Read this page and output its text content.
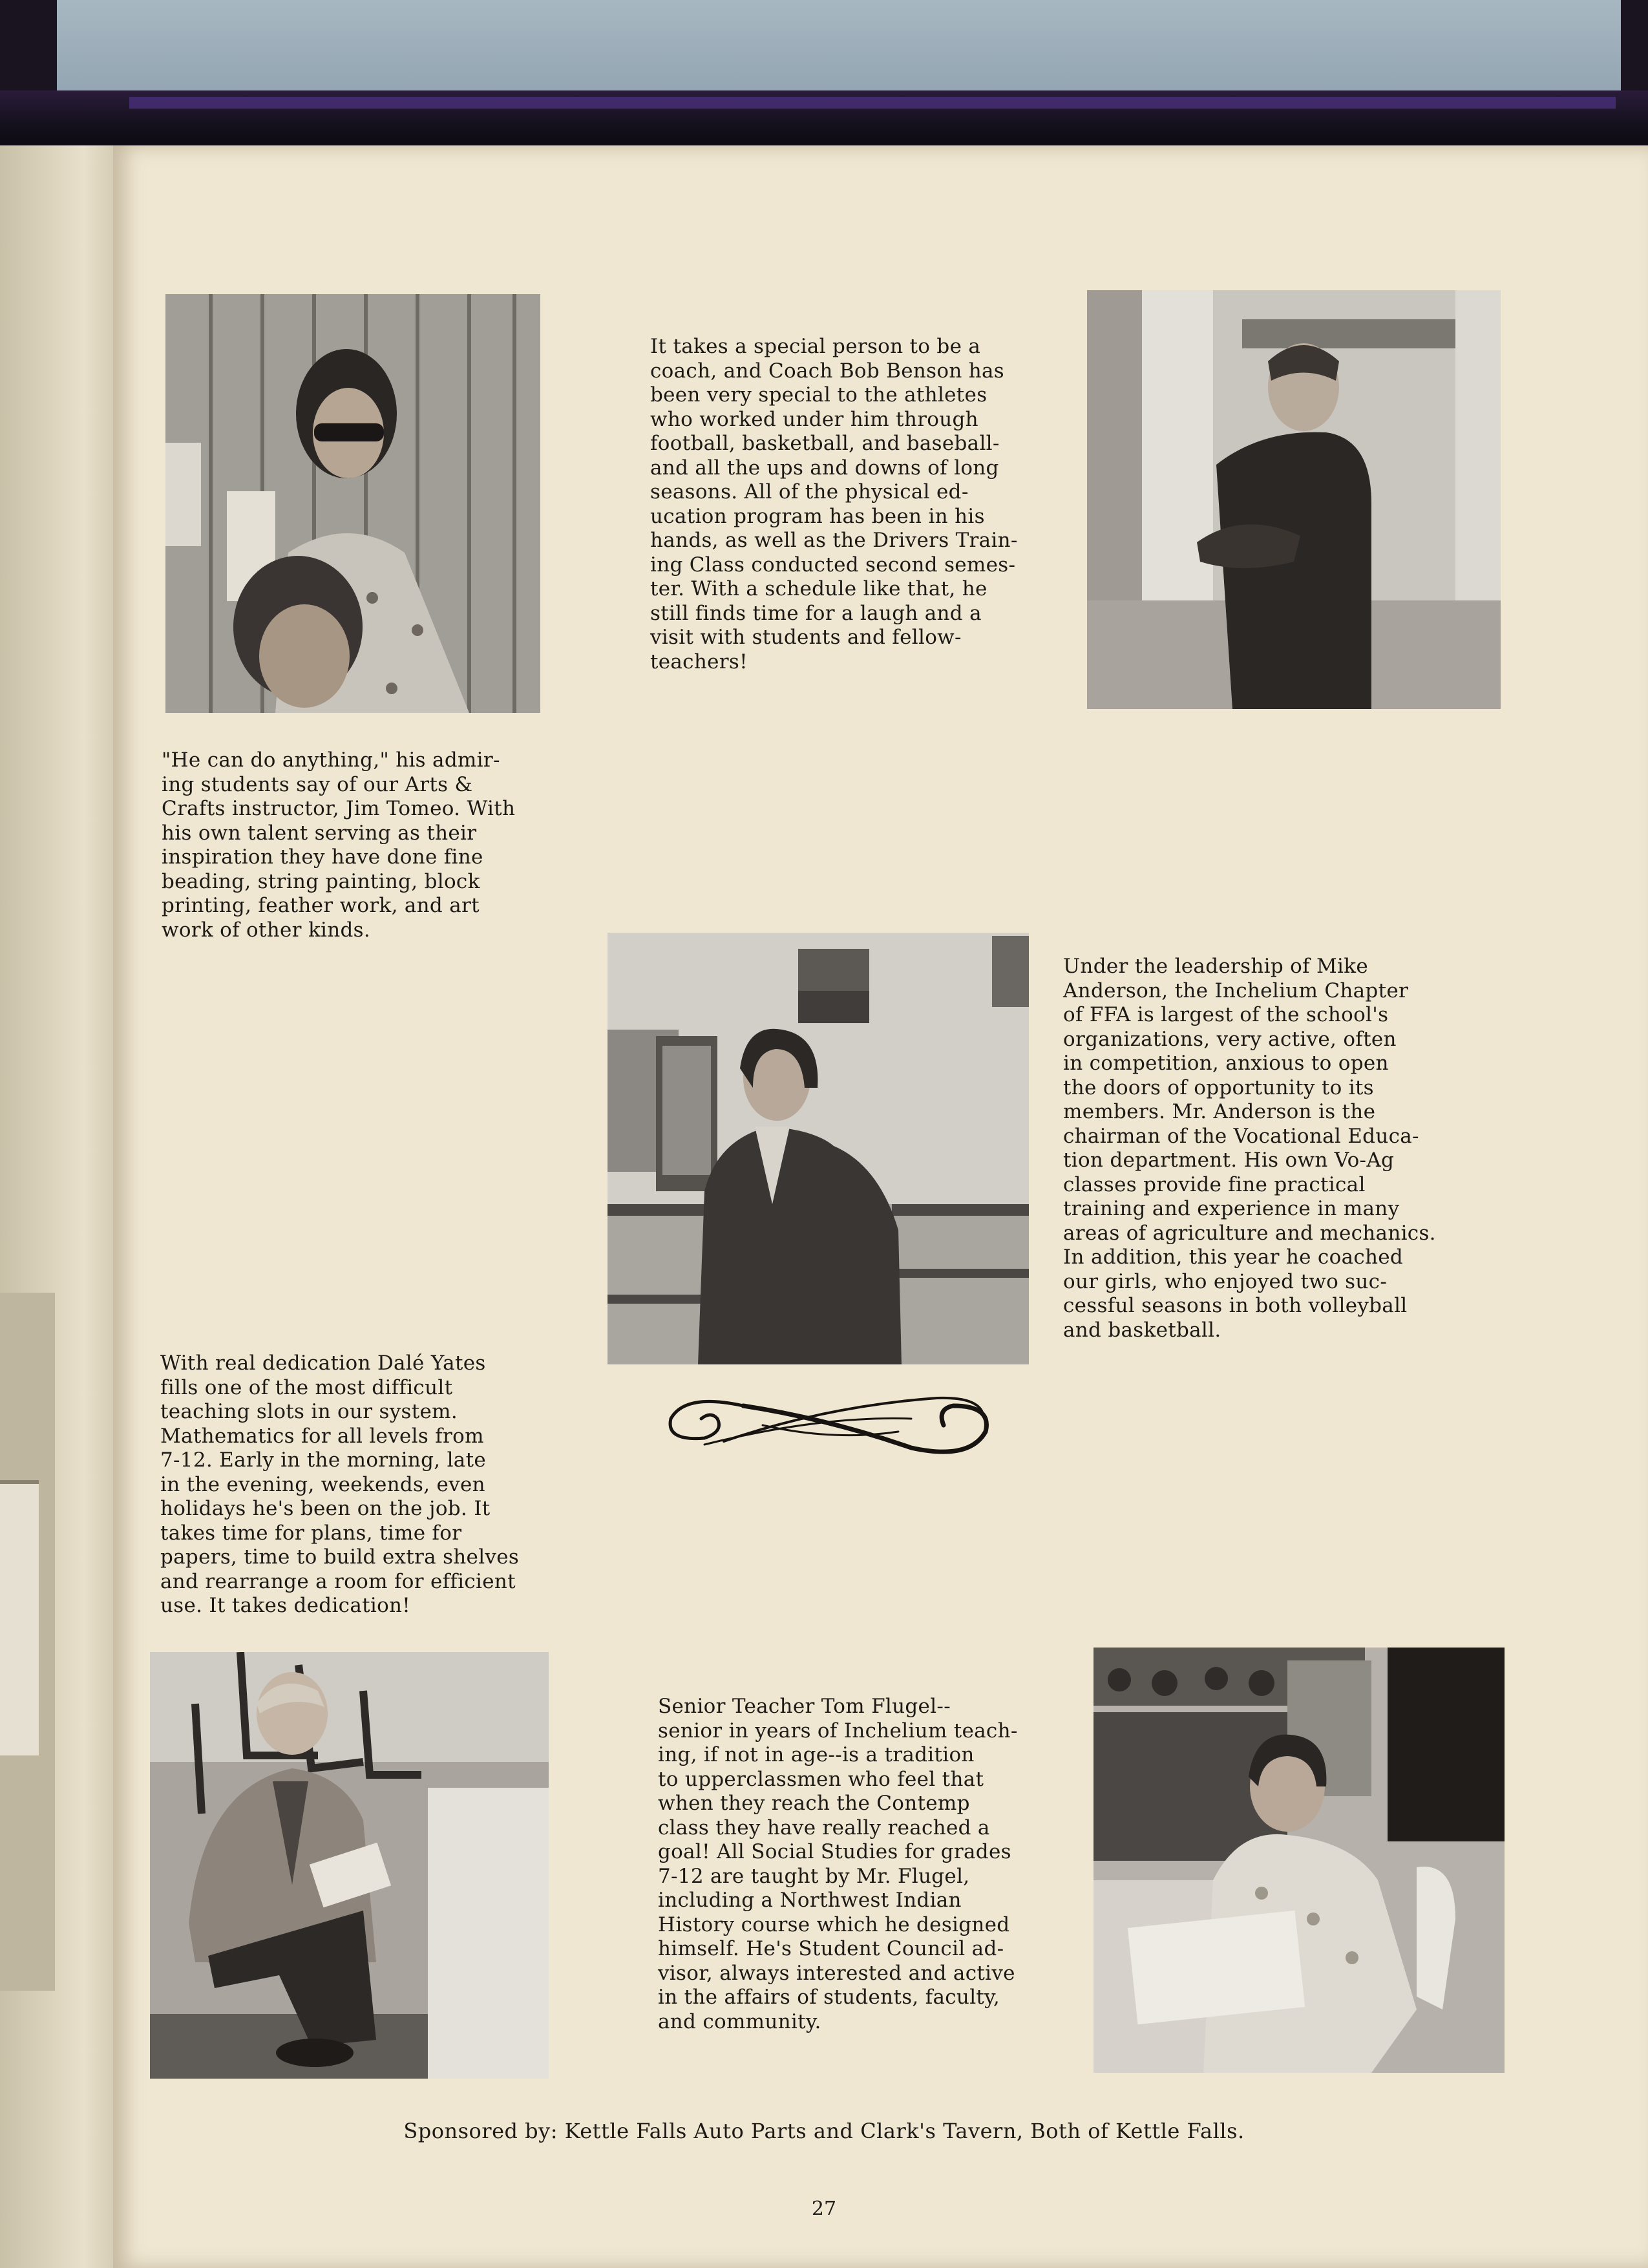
It takes a special person to be a
coach, and Coach Bob Benson has
been very special to the athletes
who worked under him through
football, basketball, and baseball-
and all the ups and downs of long
seasons. All of the physical ed-
ucation program has been in his
hands, as well as the Drivers Train-
ing Class conducted second semes-
ter. With a schedule like that, he
still finds time for a laugh and a
visit with students and fellow-
teachers!
"He can do anything," his admir-
ing students say of our Arts &
Crafts instructor, Jim Tomeo. With
his own talent serving as their
inspiration they have done fine
beading, string painting, block
printing, feather work, and art
work of other kinds.
Under the leadership of Mike
Anderson, the Inchelium Chapter
of FFA is largest of the school's
organizations, very active, often
in competition, anxious to open
the doors of opportunity to its
members. Mr. Anderson is the
chairman of the Vocational Educa-
tion department. His own Vo-Ag
classes provide fine practical
training and experience in many
areas of agriculture and mechanics.
In addition, this year he coached
our girls, who enjoyed two suc-
cessful seasons in both volleyball
and basketball.
With real dedication Dalé Yates
fills one of the most difficult
teaching slots in our system.
Mathematics for all levels from
7-12. Early in the morning, late
in the evening, weekends, even
holidays he's been on the job. It
takes time for plans, time for
papers, time to build extra shelves
and rearrange a room for efficient
use. It takes dedication!
Senior Teacher Tom Flugel--
senior in years of Inchelium teach-
ing, if not in age--is a tradition
to upperclassmen who feel that
when they reach the Contemp
class they have really reached a
goal! All Social Studies for grades
7-12 are taught by Mr. Flugel,
including a Northwest Indian
History course which he designed
himself. He's Student Council ad-
visor, always interested and active
in the affairs of students, faculty,
and community.
Sponsored by: Kettle Falls Auto Parts and Clark's Tavern, Both of Kettle Falls.
27
